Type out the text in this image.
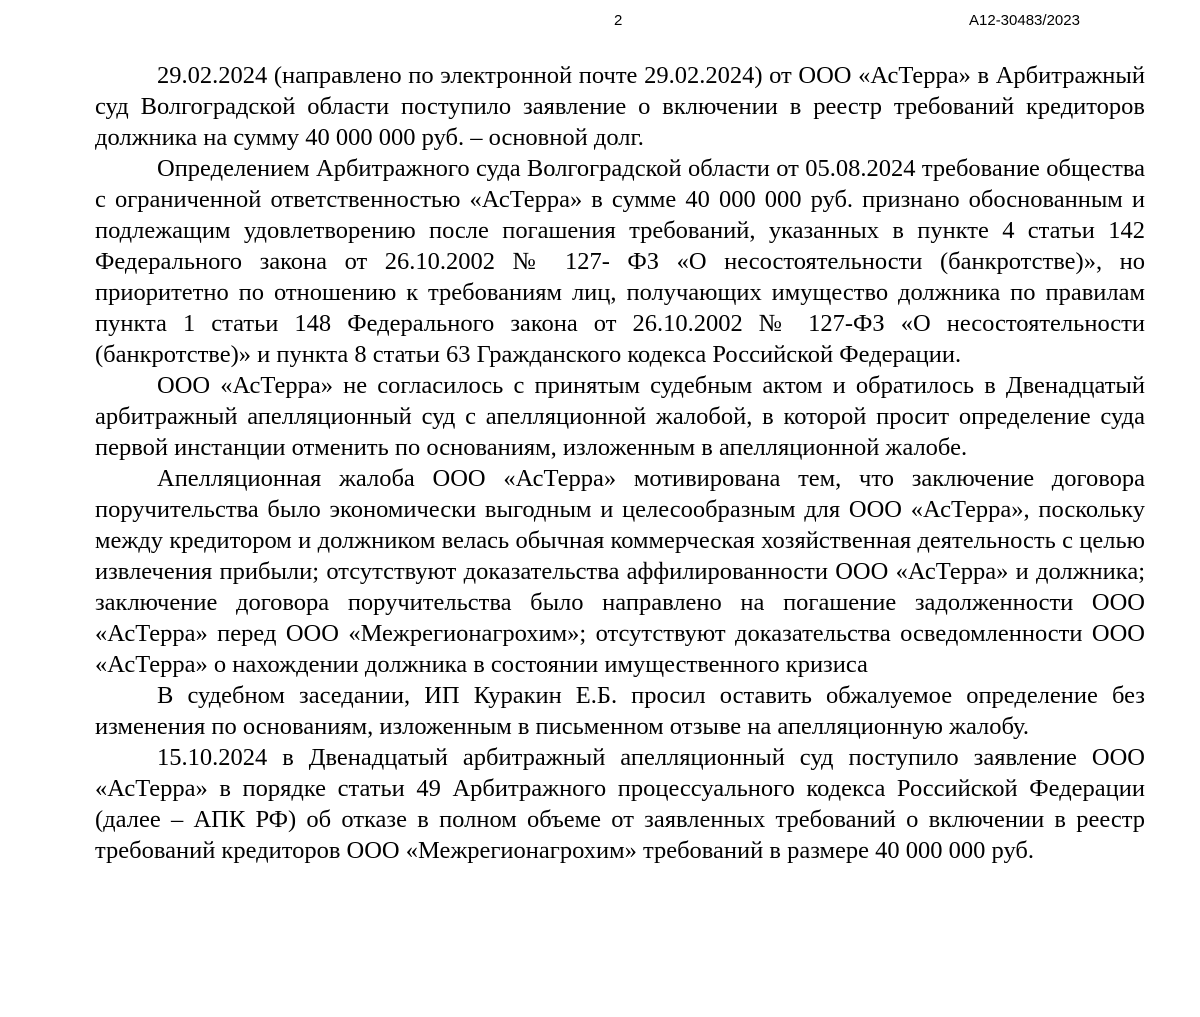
2	А12-30483/2023

29.02.2024 (направлено по электронной почте 29.02.2024) от ООО «АсТерра» в Арбитражный суд Волгоградской области поступило заявление о включении в реестр требований кредиторов должника на сумму 40 000 000 руб. – основной долг.

Определением Арбитражного суда Волгоградской области от 05.08.2024 требование общества с ограниченной ответственностью «АсТерра» в сумме 40 000 000 руб. признано обоснованным и подлежащим удовлетворению после погашения требований, указанных в пункте 4 статьи 142 Федерального закона от 26.10.2002 № 127- ФЗ «О несостоятельности (банкротстве)», но приоритетно по отношению к требованиям лиц, получающих имущество должника по правилам пункта 1 статьи 148 Федерального закона от 26.10.2002 № 127-ФЗ «О несостоятельности (банкротстве)» и пункта 8 статьи 63 Гражданского кодекса Российской Федерации.

ООО «АсТерра» не согласилось с принятым судебным актом и обратилось в Двенадцатый арбитражный апелляционный суд с апелляционной жалобой, в которой просит определение суда первой инстанции отменить по основаниям, изложенным в апелляционной жалобе.

Апелляционная жалоба ООО «АсТерра» мотивирована тем, что заключение договора поручительства было экономически выгодным и целесообразным для ООО «АсТерра», поскольку между кредитором и должником велась обычная коммерческая хозяйственная деятельность с целью извлечения прибыли; отсутствуют доказательства аффилированности ООО «АсТерра» и должника; заключение договора поручительства было направлено на погашение задолженности ООО «АсТерра» перед ООО «Межрегионагрохим»; отсутствуют доказательства осведомленности ООО «АсТерра» о нахождении должника в состоянии имущественного кризиса

В судебном заседании, ИП Куракин Е.Б. просил оставить обжалуемое определение без изменения по основаниям, изложенным в письменном отзыве на апелляционную жалобу.

15.10.2024 в Двенадцатый арбитражный апелляционный суд поступило заявление ООО «АсТерра» в порядке статьи 49 Арбитражного процессуального кодекса Российской Федерации (далее – АПК РФ) об отказе в полном объеме от заявленных требований о включении в реестр требований кредиторов ООО «Межрегионагрохим» требований в размере 40 000 000 руб.
